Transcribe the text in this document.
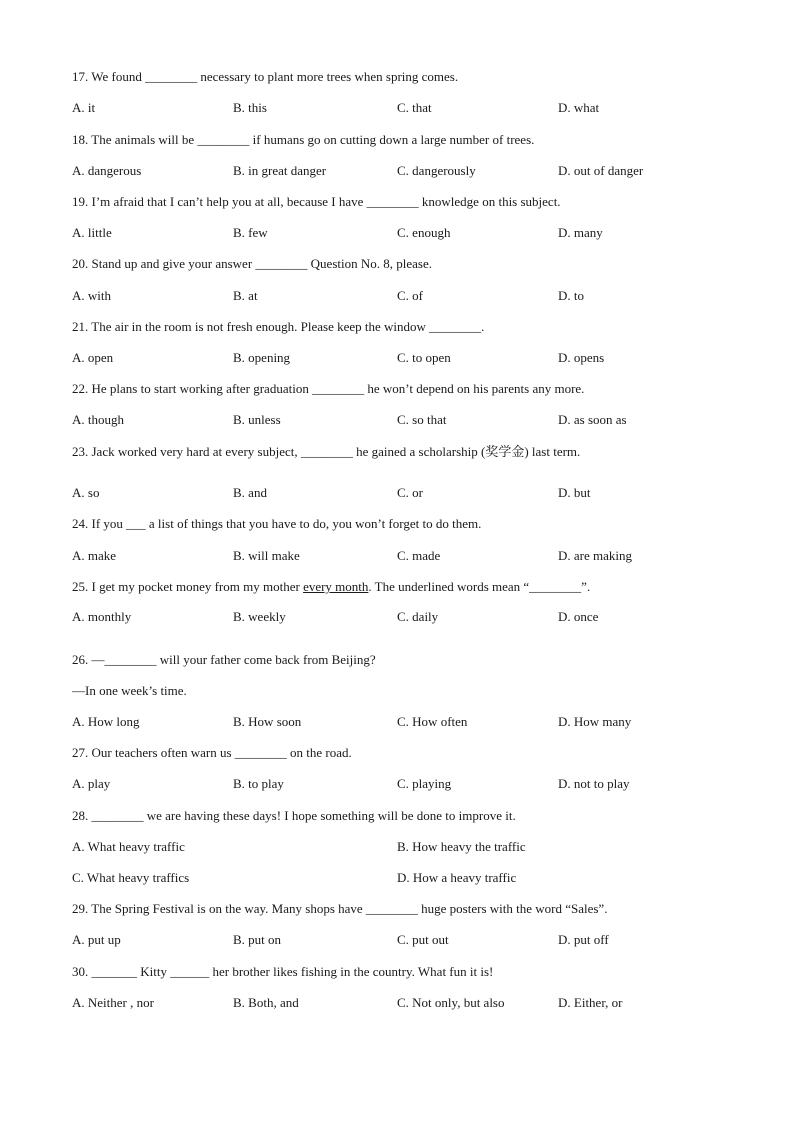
17. We found ________ necessary to plant more trees when spring comes.
A. it	B. this	C. that	D. what
18. The animals will be ________ if humans go on cutting down a large number of trees.
A. dangerous	B. in great danger	C. dangerously	D. out of danger
19. I’m afraid that I can’t help you at all, because I have ________ knowledge on this subject.
A. little	B. few	C. enough	D. many
20. Stand up and give your answer ________ Question No. 8, please.
A. with	B. at	C. of	D. to
21. The air in the room is not fresh enough. Please keep the window ________.
A. open	B. opening	C. to open	D. opens
22. He plans to start working after graduation ________ he won’t depend on his parents any more.
A. though	B. unless	C. so that	D. as soon as
23. Jack worked very hard at every subject, ________ he gained a scholarship (奖学金) last term.
A. so	B. and	C. or	D. but
24. If you ___ a list of things that you have to do, you won’t forget to do them.
A. make	B. will make	C. made	D. are making
25. I get my pocket money from my mother every month. The underlined words mean “________”.
A. monthly	B. weekly	C. daily	D. once
26. —________ will your father come back from Beijing?
—In one week’s time.
A. How long	B. How soon	C. How often	D. How many
27. Our teachers often warn us ________ on the road.
A. play	B. to play	C. playing	D. not to play
28. ________ we are having these days! I hope something will be done to improve it.
A. What heavy traffic	B. How heavy the traffic
C. What heavy traffics	D. How a heavy traffic
29. The Spring Festival is on the way. Many shops have ________ huge posters with the word “Sales”.
A. put up	B. put on	C. put out	D. put off
30. _______ Kitty ______ her brother likes fishing in the country. What fun it is!
A. Neither , nor	B. Both, and	C. Not only, but also	D. Either, or
